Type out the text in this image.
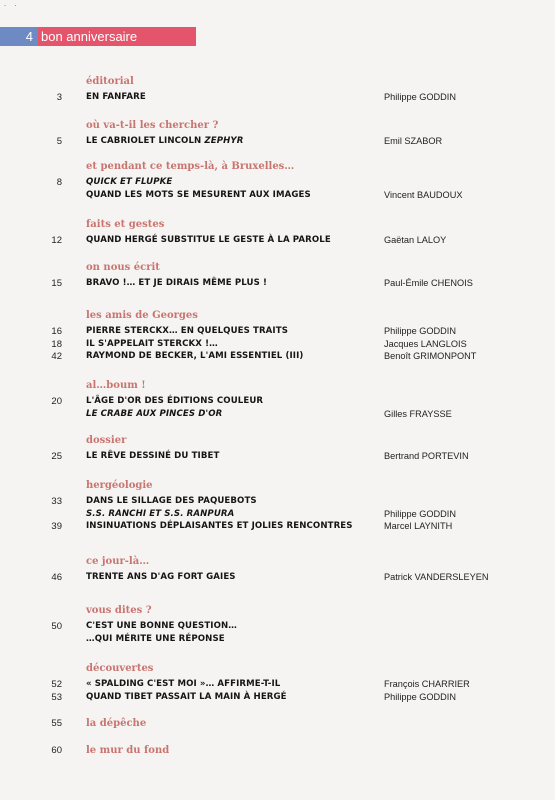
· ·
4 bon anniversaire
éditorial
3	EN FANFARE	Philippe GODDIN
où va-t-il les chercher ?
5	LE CABRIOLET LINCOLN ZEPHYR	Emil SZABOR
et pendant ce temps-là, à Bruxelles…
8	QUICK ET FLUPKE
QUAND LES MOTS SE MESURENT AUX IMAGES	Vincent BAUDOUX
faits et gestes
12	QUAND HERGÉ SUBSTITUE LE GESTE À LA PAROLE	Gaëtan LALOY
on nous écrit
15	BRAVO !… ET JE DIRAIS MÊME PLUS !	Paul-Émile CHENOIS
les amis de Georges
16	PIERRE STERCKX… EN QUELQUES TRAITS	Philippe GODDIN
18	IL S'APPELAIT STERCKX !…	Jacques LANGLOIS
42	RAYMOND DE BECKER, L'AMI ESSENTIEL (III)	Benoît GRIMONPONT
al…boum !
20	L'ÂGE D'OR DES ÉDITIONS COULEUR
LE CRABE AUX PINCES D'OR	Gilles FRAYSSE
dossier
25	LE RÊVE DESSINÉ DU TIBET	Bertrand PORTEVIN
hergéologie
33	DANS LE SILLAGE DES PAQUEBOTS
S.S. RANCHI ET S.S. RANPURA	Philippe GODDIN
39	INSINUATIONS DÉPLAISANTES ET JOLIES RENCONTRES	Marcel LAYNITH
ce jour-là…
46	TRENTE ANS D'AG FORT GAIES	Patrick VANDERSLEYEN
vous dites ?
50	C'EST UNE BONNE QUESTION…
…QUI MÉRITE UNE RÉPONSE
découvertes
52	« SPALDING C'EST MOI »… AFFIRME-T-IL	François CHARRIER
53	QUAND TIBET PASSAIT LA MAIN À HERGÉ	Philippe GODDIN
55 la dépêche
60 le mur du fond
